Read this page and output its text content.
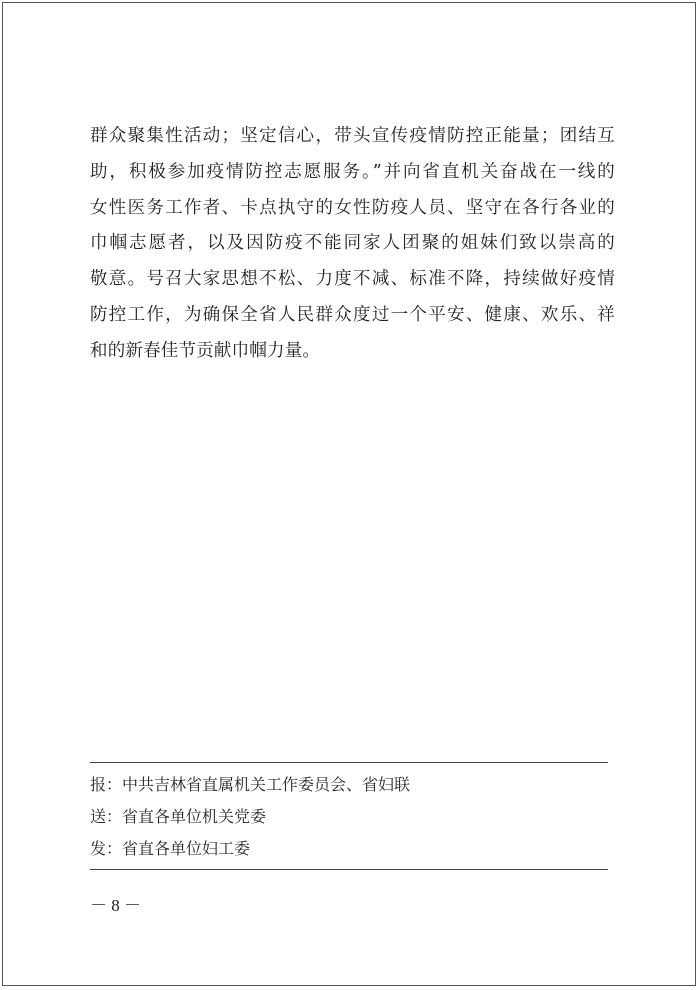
群众聚集性活动；坚定信心，带头宣传疫情防控正能量；团结互
助，积极参加疫情防控志愿服务。”并向省直机关奋战在一线的
女性医务工作者、卡点执守的女性防疫人员、坚守在各行各业的
巾帼志愿者，以及因防疫不能同家人团聚的姐妹们致以崇高的
敬意。号召大家思想不松、力度不减、标准不降，持续做好疫情
防控工作，为确保全省人民群众度过一个平安、健康、欢乐、祥
和的新春佳节贡献巾帼力量。
报：中共吉林省直属机关工作委员会、省妇联
送：省直各单位机关党委
发：省直各单位妇工委
－ 8 －
